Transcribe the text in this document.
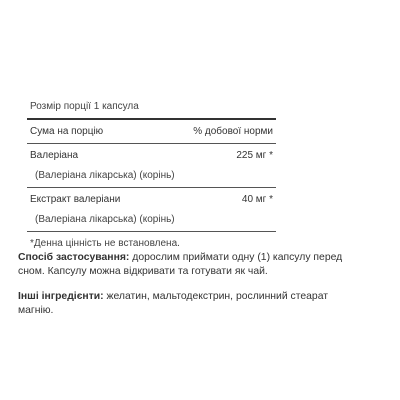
Розмір порції 1 капсула
Сума на порцію	% добової норми
Валеріана	225 мг *
(Валеріана лікарська) (корінь)
Екстракт валеріани	40 мг *
(Валеріана лікарська) (корінь)
*Денна цінність не встановлена.
Спосіб застосування: дорослим приймати одну (1) капсулу перед сном. Капсулу можна відкривати та готувати як чай.
Інші інгредієнти: желатин, мальтодекстрин, рослинний стеарат магнію.
